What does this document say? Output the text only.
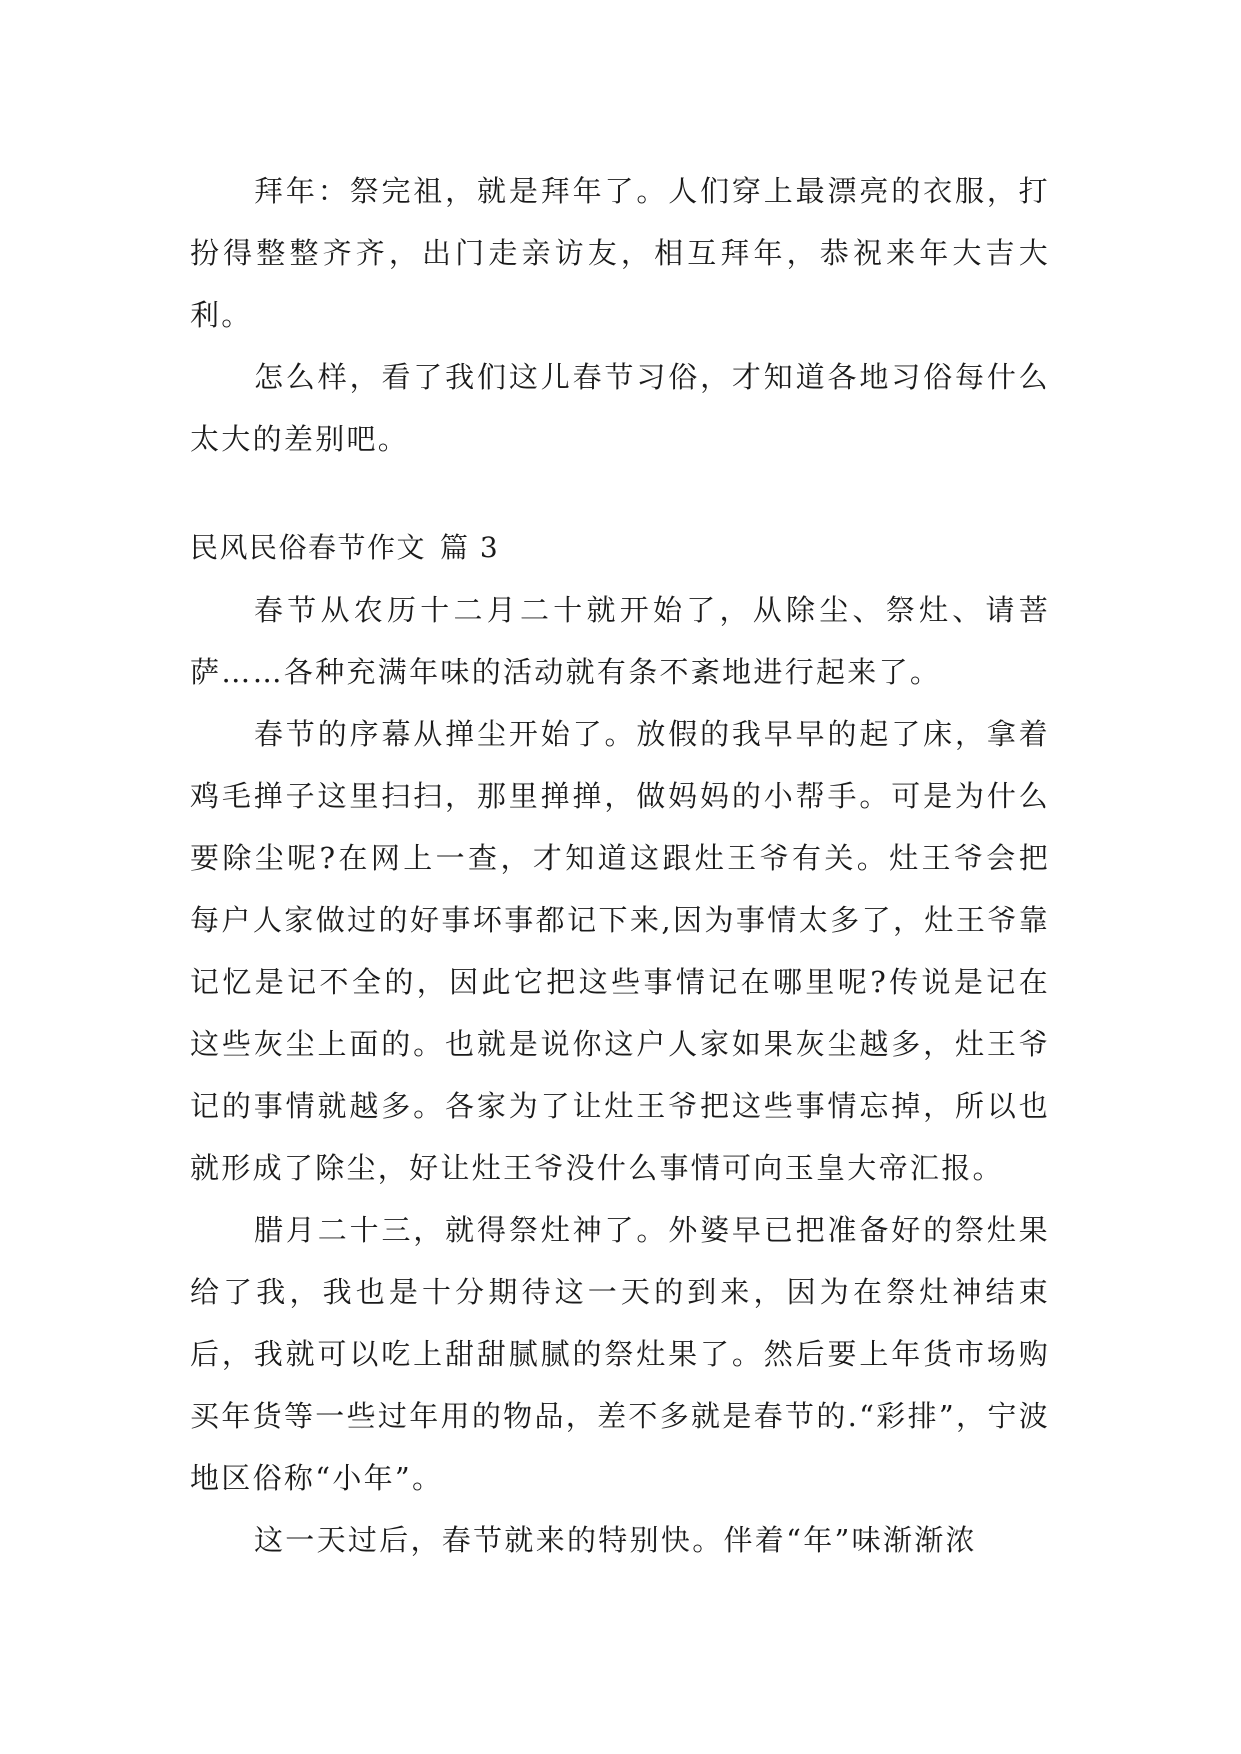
拜年：祭完祖，就是拜年了。人们穿上最漂亮的衣服，打扮得整整齐齐，出门走亲访友，相互拜年，恭祝来年大吉大利。

怎么样，看了我们这儿春节习俗，才知道各地习俗每什么太大的差别吧。

民风民俗春节作文 篇 3

春节从农历十二月二十就开始了，从除尘、祭灶、请菩萨……各种充满年味的活动就有条不紊地进行起来了。

春节的序幕从掸尘开始了。放假的我早早的起了床，拿着鸡毛掸子这里扫扫，那里掸掸，做妈妈的小帮手。可是为什么要除尘呢?在网上一查，才知道这跟灶王爷有关。灶王爷会把每户人家做过的好事坏事都记下来,因为事情太多了，灶王爷靠记忆是记不全的，因此它把这些事情记在哪里呢?传说是记在这些灰尘上面的。也就是说你这户人家如果灰尘越多，灶王爷记的事情就越多。各家为了让灶王爷把这些事情忘掉，所以也就形成了除尘，好让灶王爷没什么事情可向玉皇大帝汇报。

腊月二十三，就得祭灶神了。外婆早已把准备好的祭灶果给了我，我也是十分期待这一天的到来，因为在祭灶神结束后，我就可以吃上甜甜腻腻的祭灶果了。然后要上年货市场购买年货等一些过年用的物品，差不多就是春节的.“彩排”，宁波地区俗称“小年”。

这一天过后，春节就来的特别快。伴着“年”味渐渐浓
